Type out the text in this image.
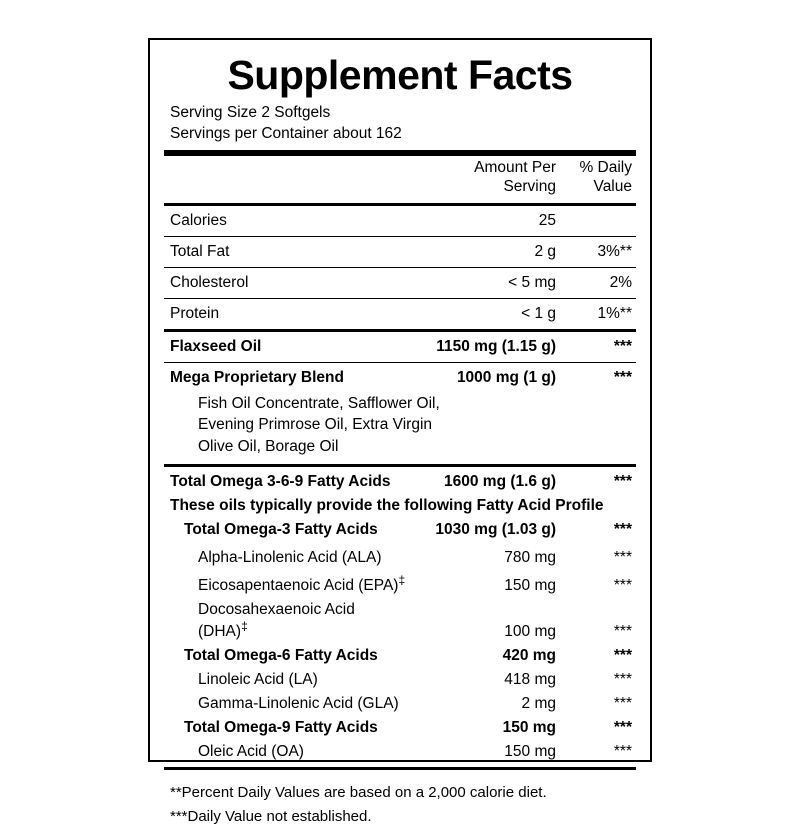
Supplement Facts
Serving Size 2 Softgels
Servings per Container about 162

Amount Per
Serving

% Daily
Value

Calories	25	

Total Fat	2 g	3%**

Cholesterol	< 5 mg	2%

Protein	< 1 g	1%**

Flaxseed Oil	1150 mg (1.15 g)	***

Mega Proprietary Blend	1000 mg (1 g)	***

Fish Oil Concentrate, Safflower Oil,
Evening Primrose Oil, Extra Virgin
Olive Oil, Borage Oil		

Total Omega 3-6-9 Fatty Acids	1600 mg (1.6 g)	***
These oils typically provide the following Fatty Acid Profile		
Total Omega-3 Fatty Acids	1030 mg (1.03 g)	***
Alpha-Linolenic Acid (ALA)	780 mg	***
Eicosapentaenoic Acid (EPA)‡	150 mg	***
Docosahexaenoic Acid (DHA)‡	100 mg	***
Total Omega-6 Fatty Acids	420 mg	***
Linoleic Acid (LA)	418 mg	***
Gamma-Linolenic Acid (GLA)	2 mg	***
Total Omega-9 Fatty Acids	150 mg	***
Oleic Acid (OA)	150 mg	***

**Percent Daily Values are based on a 2,000 calorie diet.
***Daily Value not established.
